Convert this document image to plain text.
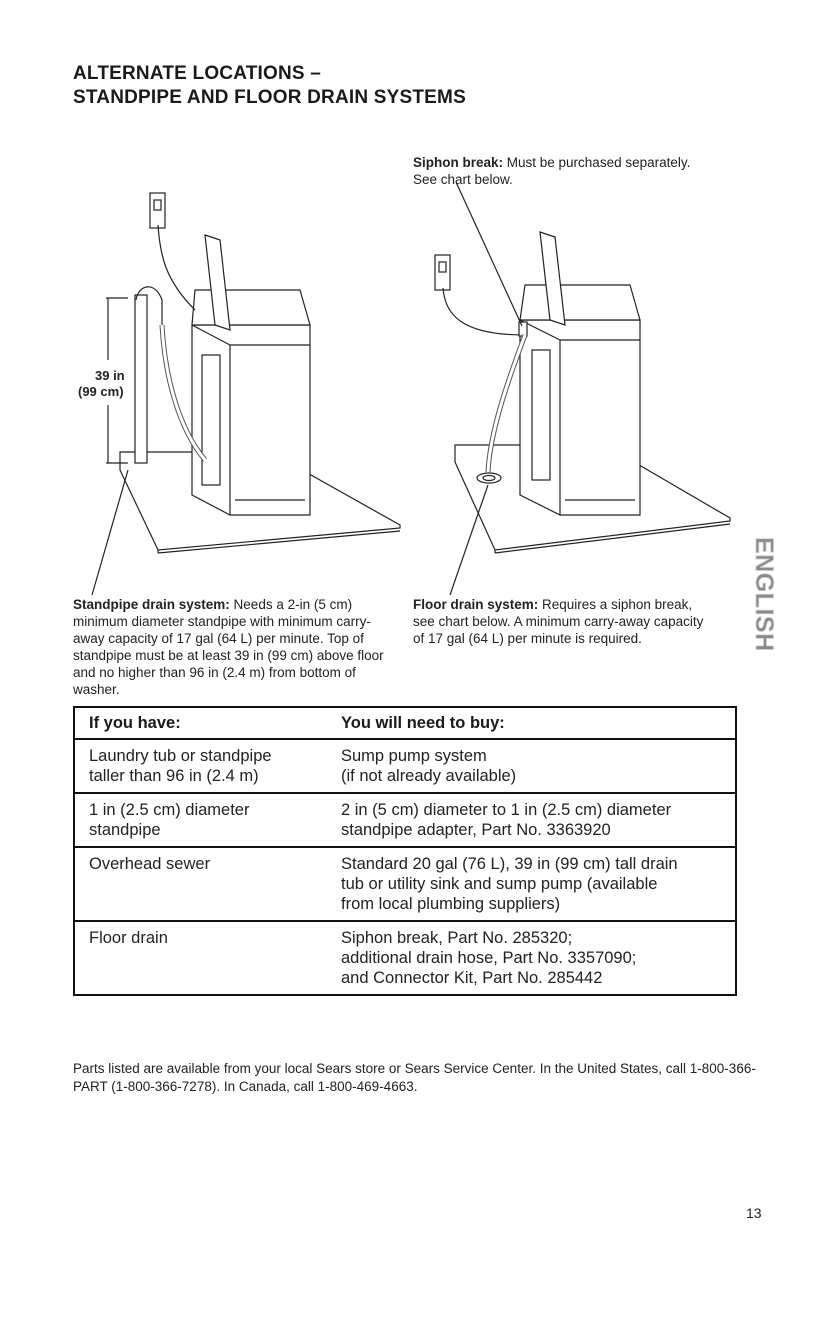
ALTERNATE LOCATIONS –
STANDPIPE AND FLOOR DRAIN SYSTEMS
39 in
(99 cm)
Siphon break: Must be purchased separately. See chart below.
Standpipe drain system: Needs a 2-in (5 cm) minimum diameter standpipe with minimum carry-away capacity of 17 gal (64 L) per minute. Top of standpipe must be at least 39 in (99 cm) above floor and no higher than 96 in (2.4 m) from bottom of washer.
Floor drain system: Requires a siphon break, see chart below. A minimum carry-away capacity of 17 gal (64 L) per minute is required.	ENGLISH
If you have:	You will need to buy:

Laundry tub or standpipe
taller than 96 in (2.4 m)	Sump pump system
(if not already available)

1 in (2.5 cm) diameter
standpipe	2 in (5 cm) diameter to 1 in (2.5 cm) diameter
standpipe adapter, Part No. 3363920

Overhead sewer	Standard 20 gal (76 L), 39 in (99 cm) tall drain
tub or utility sink and sump pump (available
from local plumbing suppliers)

Floor drain	Siphon break, Part No. 285320;
additional drain hose, Part No. 3357090;
and Connector Kit, Part No. 285442

Parts listed are available from your local Sears store or Sears Service Center. In the United States, call 1-800-366-PART (1-800-366-7278). In Canada, call 1-800-469-4663.

13
